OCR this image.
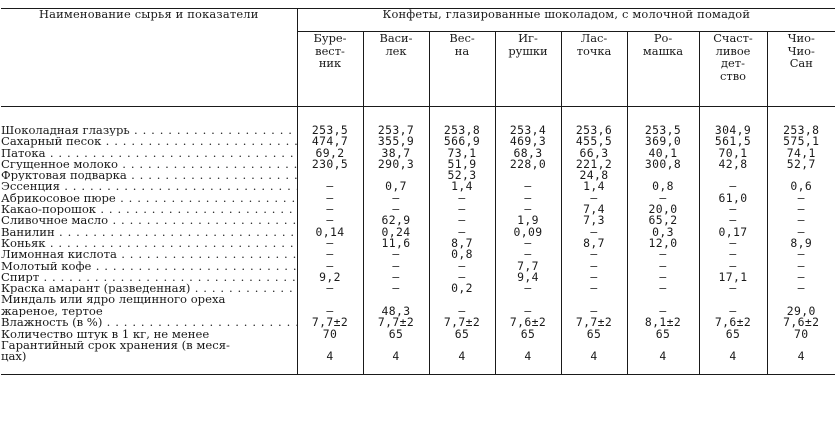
Наименование сырья и показатели	Конфеты, глазированные шоколадом, с молочной помадой							
	Буре-
вест-
ник	Васи-
лек	Вес-
на	Иг-
рушки	Лас-
точка	Ро-
машка	Счаст-
ливое
дет-
ство	Чио-
Чио-
Сан

Шоколадная глазурь . . .	253,5	253,7	253,8	253,4	253,6	253,5	304,9	253,8
Сахарный песок . . .	474,7	355,9	566,9	469,3	455,5	369,0	561,5	575,1
Патока . . .	69,2	38,7	73,1	68,3	66,3	40,1	70,1	74,1
Сгущенное молоко . . .	230,5	290,3	51,9	228,0	221,2	300,8	42,8	52,7
Фруктовая подварка . . .			52,3		24,8			
Эссенция . . .	—	0,7	1,4	—	1,4	0,8	—	0,6
Абрикосовое пюре . . .	—	—	—	—	—	—	61,0	—
Какао-порошок . . .	—	—	—	—	7,4	20,0	—	—
Сливочное масло . . .	—	62,9	—	1,9	7,3	65,2	—	—
Ванилин . . .	0,14	0,24	—	0,09	—	0,3	0,17	—
Коньяк . . .	—	11,6	8,7	—	8,7	12,0	—	8,9
Лимонная кислота . . .	—	—	0,8	—	—	—	—	—
Молотый кофе . . .	—	—	—	7,7	—	—	—	—
Спирт . . .	9,2	—	—	9,4	—	—	17,1	—
Краска амарант (разведенная) . . .	—	—	0,2	—	—	—	—	—
Миндаль или ядро лещинного ореха
жареное, тертое	—	48,3	—	—	—	—	—	29,0
Влажность (в %) . . .	7,7±2	7,7±2	7,7±2	7,6±2	7,7±2	8,1±2	7,6±2	7,6±2
Количество штук в 1 кг, не менее	70	65	65	65	65	65	65	70
Гарантийный срок хранения (в меся-
цах)	4	4	4	4	4	4	4	4
